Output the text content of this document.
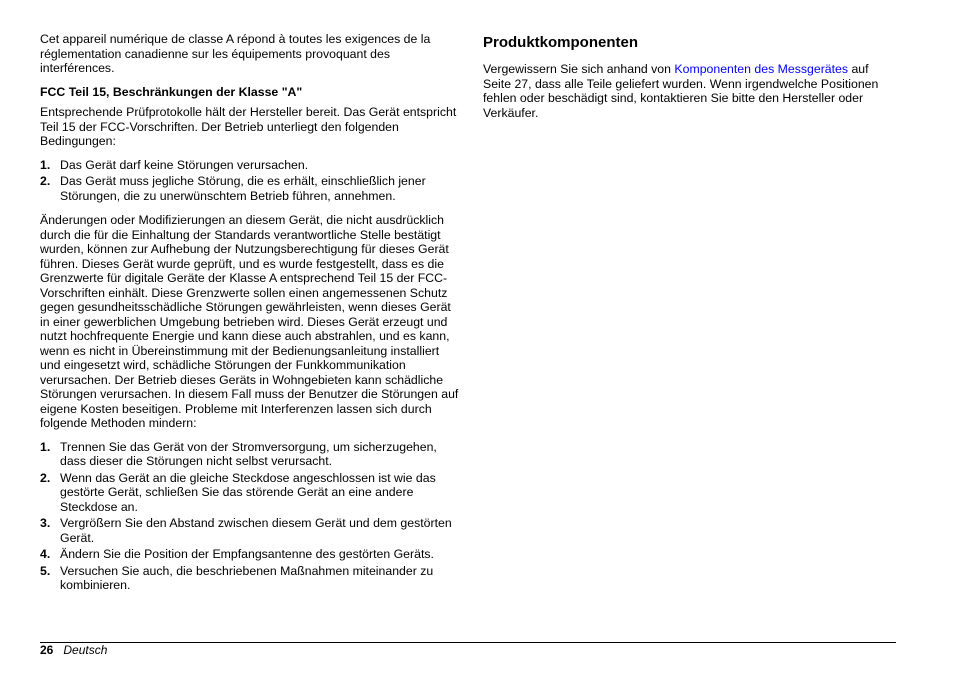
Cet appareil numérique de classe A répond à toutes les exigences de la réglementation canadienne sur les équipements provoquant des interférences.

FCC Teil 15, Beschränkungen der Klasse "A"

Entsprechende Prüfprotokolle hält der Hersteller bereit. Das Gerät entspricht Teil 15 der FCC-Vorschriften. Der Betrieb unterliegt den folgenden Bedingungen:

1. Das Gerät darf keine Störungen verursachen.
2. Das Gerät muss jegliche Störung, die es erhält, einschließlich jener Störungen, die zu unerwünschtem Betrieb führen, annehmen.

Änderungen oder Modifizierungen an diesem Gerät, die nicht ausdrücklich durch die für die Einhaltung der Standards verantwortliche Stelle bestätigt wurden, können zur Aufhebung der Nutzungsberechtigung für dieses Gerät führen. Dieses Gerät wurde geprüft, und es wurde festgestellt, dass es die Grenzwerte für digitale Geräte der Klasse A entsprechend Teil 15 der FCC-Vorschriften einhält. Diese Grenzwerte sollen einen angemessenen Schutz gegen gesundheitsschädliche Störungen gewährleisten, wenn dieses Gerät in einer gewerblichen Umgebung betrieben wird. Dieses Gerät erzeugt und nutzt hochfrequente Energie und kann diese auch abstrahlen, und es kann, wenn es nicht in Übereinstimmung mit der Bedienungsanleitung installiert und eingesetzt wird, schädliche Störungen der Funkkommunikation verursachen. Der Betrieb dieses Geräts in Wohngebieten kann schädliche Störungen verursachen. In diesem Fall muss der Benutzer die Störungen auf eigene Kosten beseitigen. Probleme mit Interferenzen lassen sich durch folgende Methoden mindern:

1. Trennen Sie das Gerät von der Stromversorgung, um sicherzugehen, dass dieser die Störungen nicht selbst verursacht.
2. Wenn das Gerät an die gleiche Steckdose angeschlossen ist wie das gestörte Gerät, schließen Sie das störende Gerät an eine andere Steckdose an.
3. Vergrößern Sie den Abstand zwischen diesem Gerät und dem gestörten Gerät.
4. Ändern Sie die Position der Empfangsantenne des gestörten Geräts.
5. Versuchen Sie auch, die beschriebenen Maßnahmen miteinander zu kombinieren.
Produktkomponenten

Vergewissern Sie sich anhand von Komponenten des Messgerätes auf Seite 27, dass alle Teile geliefert wurden. Wenn irgendwelche Positionen fehlen oder beschädigt sind, kontaktieren Sie bitte den Hersteller oder Verkäufer.

26 Deutsch
